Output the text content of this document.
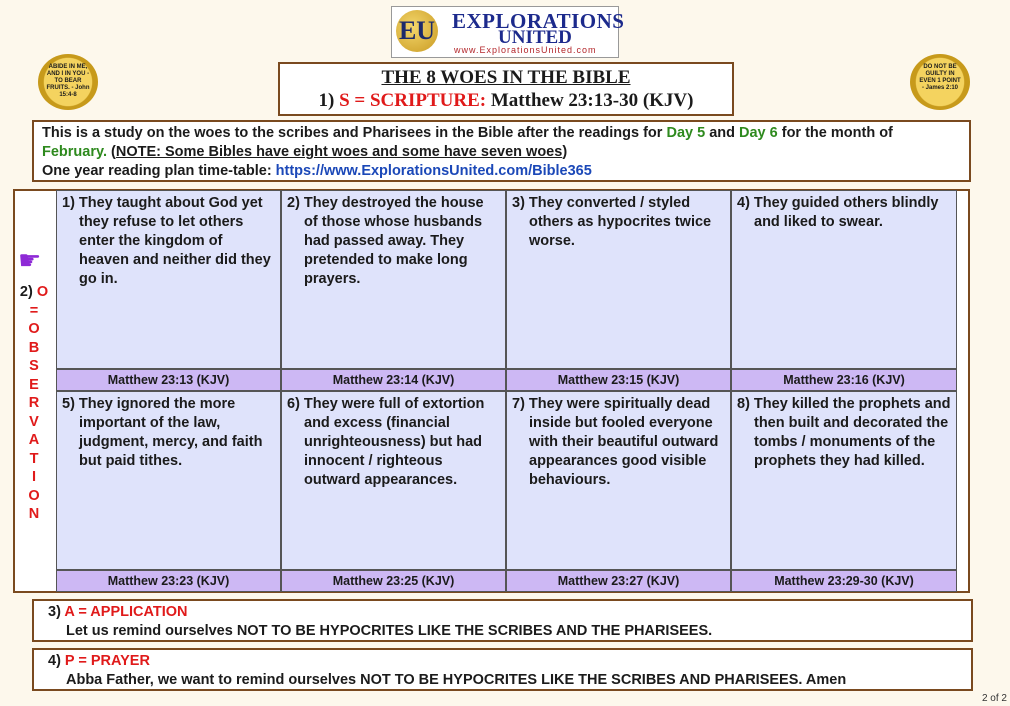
EU EXPLORATIONS
UNITED
www.ExplorationsUnited.com
ABIDE IN ME, AND I IN YOU - TO BEAR FRUITS. - John 15:4-8
DO NOT BE GUILTY IN EVEN 1 POINT - James 2:10
THE 8 WOES IN THE BIBLE
1) S = SCRIPTURE: Matthew 23:13-30 (KJV)
This is a study on the woes to the scribes and Pharisees in the Bible after the readings for Day 5 and Day 6 for the month of February. (NOTE: Some Bibles have eight woes and some have seven woes)
One year reading plan time-table: https://www.ExplorationsUnited.com/Bible365
☛
2) O
=
O
B
S
E
R
V
A
T
I
O
N
1) They taught about God yet they refuse to let others enter the kingdom of heaven and neither did they go in.
Matthew 23:13 (KJV)
2) They destroyed the house of those whose husbands had passed away. They pretended to make long prayers.
Matthew 23:14 (KJV)
3) They converted / styled others as hypocrites twice worse.
Matthew 23:15 (KJV)
4) They guided others blindly and liked to swear.
Matthew 23:16 (KJV)
5) They ignored the more important of the law, judgment, mercy, and faith but paid tithes.
Matthew 23:23 (KJV)
6) They were full of extortion and excess (financial unrighteousness) but had innocent / righteous outward appearances.
Matthew 23:25 (KJV)
7) They were spiritually dead inside but fooled everyone with their beautiful outward appearances good visible behaviours.
Matthew 23:27 (KJV)
8) They killed the prophets and then built and decorated the tombs / monuments of the prophets they had killed.
Matthew 23:29-30 (KJV)
3) A = APPLICATION
Let us remind ourselves NOT TO BE HYPOCRITES LIKE THE SCRIBES AND THE PHARISEES.
4) P = PRAYER
Abba Father, we want to remind ourselves NOT TO BE HYPOCRITES LIKE THE SCRIBES AND PHARISEES. Amen
2 of 2
